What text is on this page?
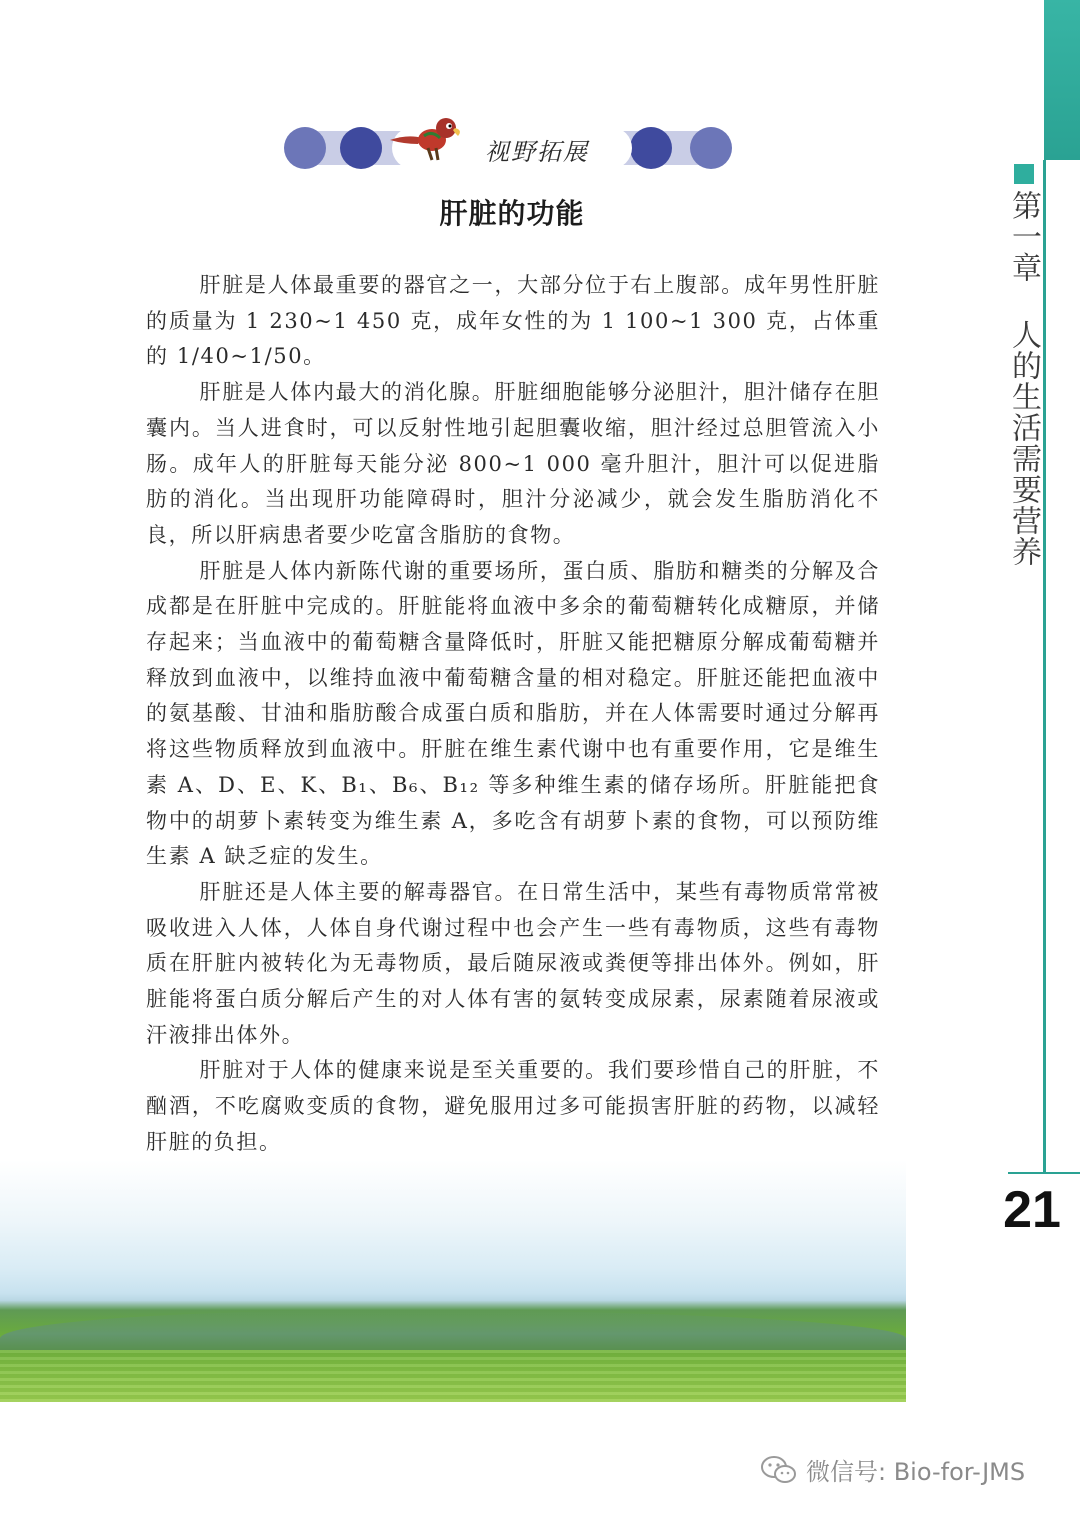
第一章 人的生活需要营养
21
视野拓展
肝脏的功能

肝脏是人体最重要的器官之一，大部分位于右上腹部。成年男性肝脏的质量为 1 230~1 450 克，成年女性的为 1 100~1 300 克，占体重的 1/40~1/50。

肝脏是人体内最大的消化腺。肝脏细胞能够分泌胆汁，胆汁储存在胆囊内。当人进食时，可以反射性地引起胆囊收缩，胆汁经过总胆管流入小肠。成年人的肝脏每天能分泌 800~1 000 毫升胆汁，胆汁可以促进脂肪的消化。当出现肝功能障碍时，胆汁分泌减少，就会发生脂肪消化不良，所以肝病患者要少吃富含脂肪的食物。

肝脏是人体内新陈代谢的重要场所，蛋白质、脂肪和糖类的分解及合成都是在肝脏中完成的。肝脏能将血液中多余的葡萄糖转化成糖原，并储存起来；当血液中的葡萄糖含量降低时，肝脏又能把糖原分解成葡萄糖并释放到血液中，以维持血液中葡萄糖含量的相对稳定。肝脏还能把血液中的氨基酸、甘油和脂肪酸合成蛋白质和脂肪，并在人体需要时通过分解再将这些物质释放到血液中。肝脏在维生素代谢中也有重要作用，它是维生素 A、D、E、K、B₁、B₆、B₁₂ 等多种维生素的储存场所。肝脏能把食物中的胡萝卜素转变为维生素 A，多吃含有胡萝卜素的食物，可以预防维生素 A 缺乏症的发生。

肝脏还是人体主要的解毒器官。在日常生活中，某些有毒物质常常被吸收进入人体，人体自身代谢过程中也会产生一些有毒物质，这些有毒物质在肝脏内被转化为无毒物质，最后随尿液或粪便等排出体外。例如，肝脏能将蛋白质分解后产生的对人体有害的氨转变成尿素，尿素随着尿液或汗液排出体外。

肝脏对于人体的健康来说是至关重要的。我们要珍惜自己的肝脏，不酗酒，不吃腐败变质的食物，避免服用过多可能损害肝脏的药物，以减轻肝脏的负担。

微信号: Bio-for-JMS
